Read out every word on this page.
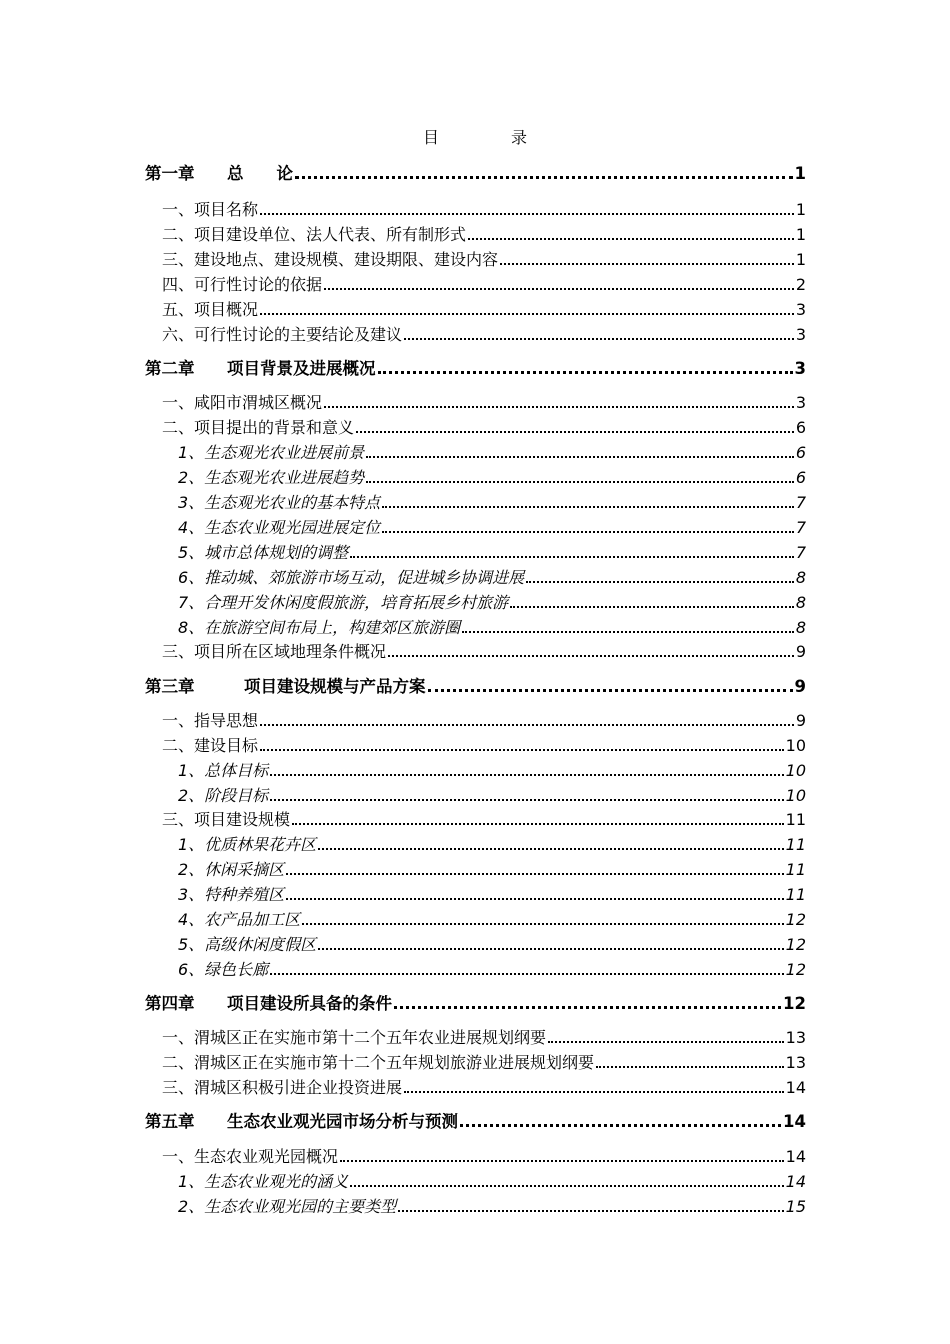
目　录
第一章 总　　论	1
一、项目名称	1
二、项目建设单位、法人代表、所有制形式	1
三、建设地点、建设规模、建设期限、建设内容	1
四、可行性讨论的依据	2
五、项目概况	3
六、可行性讨论的主要结论及建议	3
第二章 项目背景及进展概况	3
一、咸阳市渭城区概况	3
二、项目提出的背景和意义	6
1、生态观光农业进展前景	6
2、生态观光农业进展趋势	6
3、生态观光农业的基本特点	7
4、生态农业观光园进展定位	7
5、城市总体规划的调整	7
6、推动城、郊旅游市场互动，促进城乡协调进展	8
7、合理开发休闲度假旅游，培育拓展乡村旅游	8
8、在旅游空间布局上，构建郊区旅游圈	8
三、项目所在区域地理条件概况	9
第三章	项目建设规模与产品方案	9
一、指导思想	9
二、建设目标	10
1、总体目标	10
2、阶段目标	10
三、项目建设规模	11
1、优质林果花卉区	11
2、休闲采摘区	11
3、特种养殖区	11
4、农产品加工区	12
5、高级休闲度假区	12
6、绿色长廊	12
第四章 项目建设所具备的条件	12
一、渭城区正在实施市第十二个五年农业进展规划纲要	13
二、渭城区正在实施市第十二个五年规划旅游业进展规划纲要	13
三、渭城区积极引进企业投资进展	14
第五章 生态农业观光园市场分析与预测	14
一、生态农业观光园概况	14
1、生态农业观光的涵义	14
2、生态农业观光园的主要类型	15
